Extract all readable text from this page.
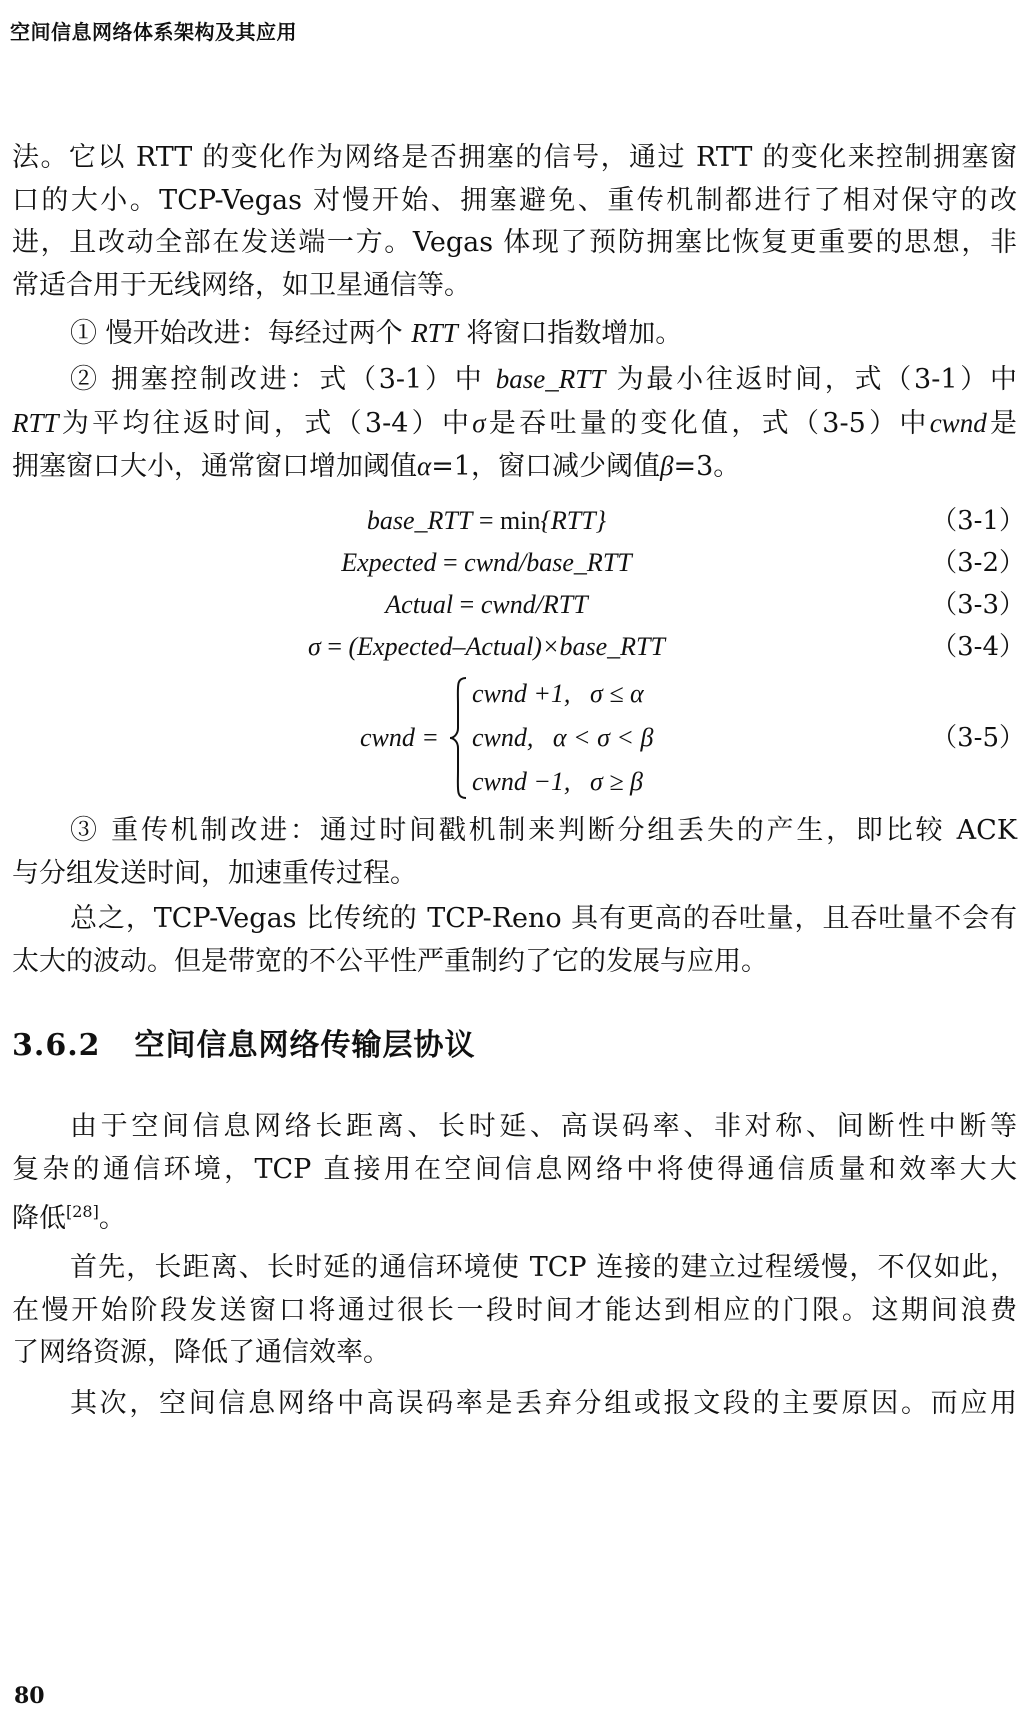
空间信息网络体系架构及其应用
法。它以 RTT 的变化作为网络是否拥塞的信号，通过 RTT 的变化来控制拥塞窗
口的大小。TCP-Vegas 对慢开始、拥塞避免、重传机制都进行了相对保守的改
进，且改动全部在发送端一方。Vegas 体现了预防拥塞比恢复更重要的思想，非
常适合用于无线网络，如卫星通信等。
① 慢开始改进：每经过两个 RTT 将窗口指数增加。
② 拥塞控制改进：式（3-1）中 base_RTT 为最小往返时间，式（3-1）中
RTT为平均往返时间，式（3-4）中σ是吞吐量的变化值，式（3-5）中cwnd是
拥塞窗口大小，通常窗口增加阈值α=1，窗口减少阈值β=3。
base_RTT = min{RTT}	（3-1）
Expected = cwnd/base_RTT	（3-2）
Actual = cwnd/RTT	（3-3）
σ = (Expected–Actual)×base_RTT	（3-4）
cwnd =
cwnd +1, σ ≤ α
cwnd, α < σ < β
cwnd −1, σ ≥ β
（3-5）
③ 重传机制改进：通过时间戳机制来判断分组丢失的产生，即比较 ACK
与分组发送时间，加速重传过程。
总之，TCP-Vegas 比传统的 TCP-Reno 具有更高的吞吐量，且吞吐量不会有
太大的波动。但是带宽的不公平性严重制约了它的发展与应用。
3.6.2 空间信息网络传输层协议
由于空间信息网络长距离、长时延、高误码率、非对称、间断性中断等
复杂的通信环境，TCP 直接用在空间信息网络中将使得通信质量和效率大大
降低[28]。
首先，长距离、长时延的通信环境使 TCP 连接的建立过程缓慢，不仅如此，
在慢开始阶段发送窗口将通过很长一段时间才能达到相应的门限。这期间浪费
了网络资源，降低了通信效率。
其次，空间信息网络中高误码率是丢弃分组或报文段的主要原因。而应用
80
